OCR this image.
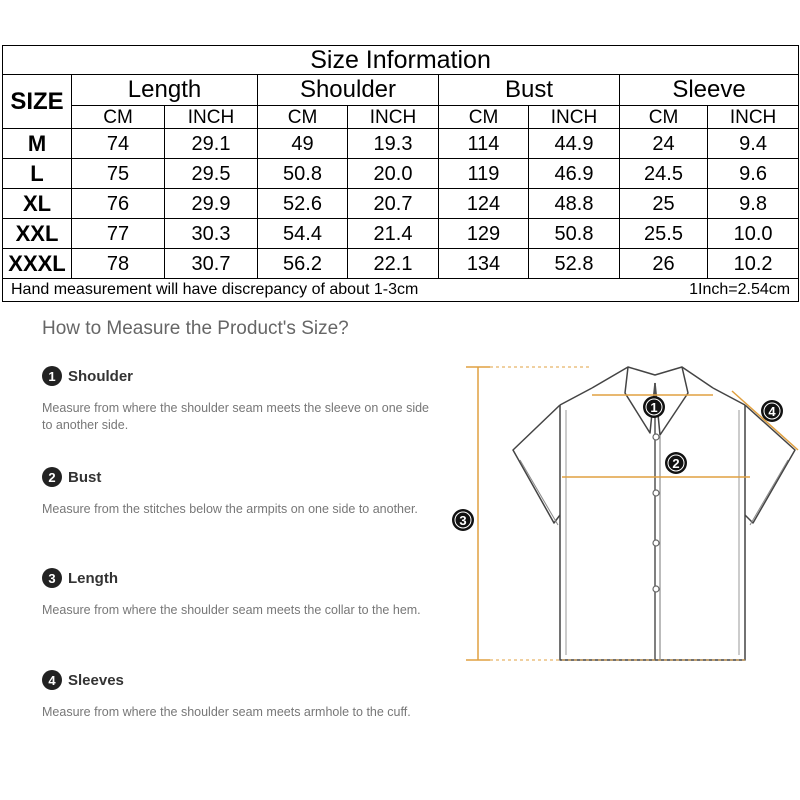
Size Information								
SIZE	Length		Shoulder		Bust		Sleeve	
	CM	INCH	CM	INCH	CM	INCH	CM	INCH
M	74	29.1	49	19.3	114	44.9	24	9.4
L	75	29.5	50.8	20.0	119	46.9	24.5	9.6
XL	76	29.9	52.6	20.7	124	48.8	25	9.8
XXL	77	30.3	54.4	21.4	129	50.8	25.5	10.0
XXXL	78	30.7	56.2	22.1	134	52.8	26	10.2

Hand measurement will have discrepancy of about 1-3cm 1Inch=2.54cm								
How to Measure the Product's Size?
1 Shoulder
Measure from where the shoulder seam meets the sleeve on one side to another side.
2 Bust
Measure from the stitches below the armpits on one side to another.
3 Length
Measure from where the shoulder seam meets the collar to the hem.
4 Sleeves
Measure from where the shoulder seam meets armhole to the cuff.
1
2
3
4
